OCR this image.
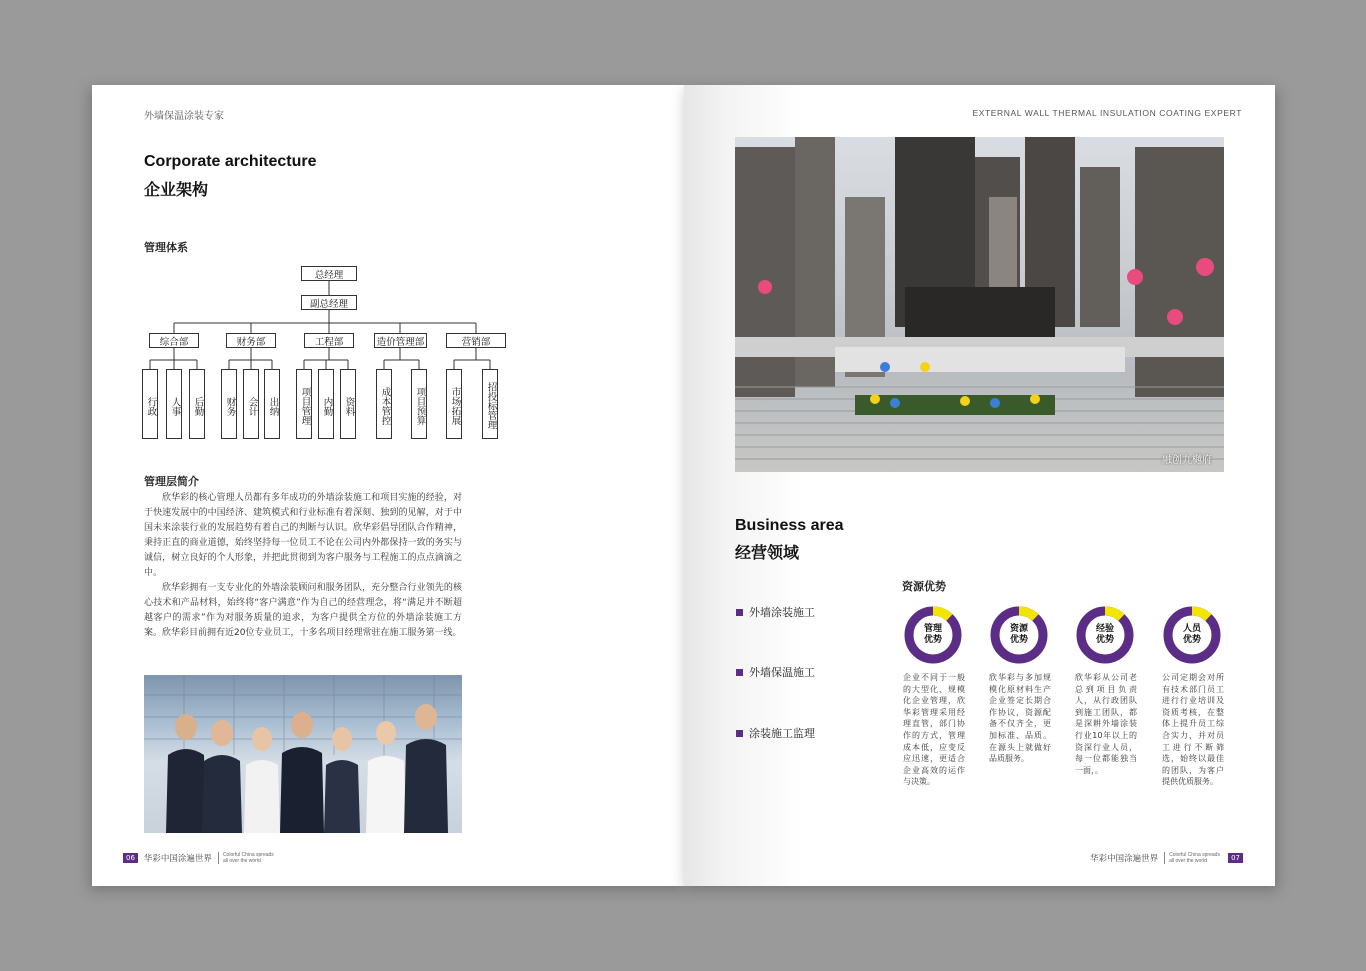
外墙保温涂装专家
Corporate architecture
企业架构
管理体系
总经理
副总经理
综合部	财务部	工程部	造价管理部	营销部
行政	人事	后勤	财务	会计	出纳	项目管理	内勤	资料	成本管控	项目预算	市场拓展	招投标管理
管理层简介
欣华彩的核心管理人员都有多年成功的外墙涂装施工和项目实施的经验，对于快速发展中的中国经济、建筑模式和行业标准有着深刻、独到的见解，对于中国未来涂装行业的发展趋势有着自己的判断与认识。欣华彩倡导团队合作精神，秉持正直的商业道德，始终坚持每一位员工不论在公司内外都保持一致的务实与诚信，树立良好的个人形象，并把此贯彻到为客户服务与工程施工的点点滴滴之中。
欣华彩拥有一支专业化的外墙涂装顾问和服务团队，充分整合行业领先的核心技术和产品材料，始终将“客户满意”作为自己的经营理念，将“满足并不断超越客户的需求”作为对服务质量的追求，为客户提供全方位的外墙涂装施工方案。欣华彩目前拥有近20位专业员工，十多名项目经理常驻在施工服务第一线。
06	华彩中国涂遍世界	Colorful China spreads all over the world
EXTERNAL WALL THERMAL INSULATION COATING EXPERT
融创九樾府
Business area
经营领域
外墙涂装施工
外墙保温施工
涂装施工监理
资源优势
管理
优势
资源
优势
经验
优势
人员
优势
企业不同于一般的大型化、规模化企业管理，欣华彩管理采用经理直管，部门协作的方式，管理成本低，应变反应迅速，更适合企业高效的运作与决策。
欣华彩与多加规模化原材料生产企业签定长期合作协议，资源配备不仅齐全，更加标准、品质。在源头上就做好品质服务。
欣华彩从公司老总到项目负责人，从行政团队到施工团队，都是深耕外墙涂装行业10年以上的资深行业人员，每一位都能独当一面，。
公司定期会对所有技术部门员工进行行业培训及资质考核，在整体上提升员工综合实力，并对员工进行不断筛选，始终以最佳的团队，为客户提供优质服务。
华彩中国涂遍世界	Colorful China spreads all over the world	07
